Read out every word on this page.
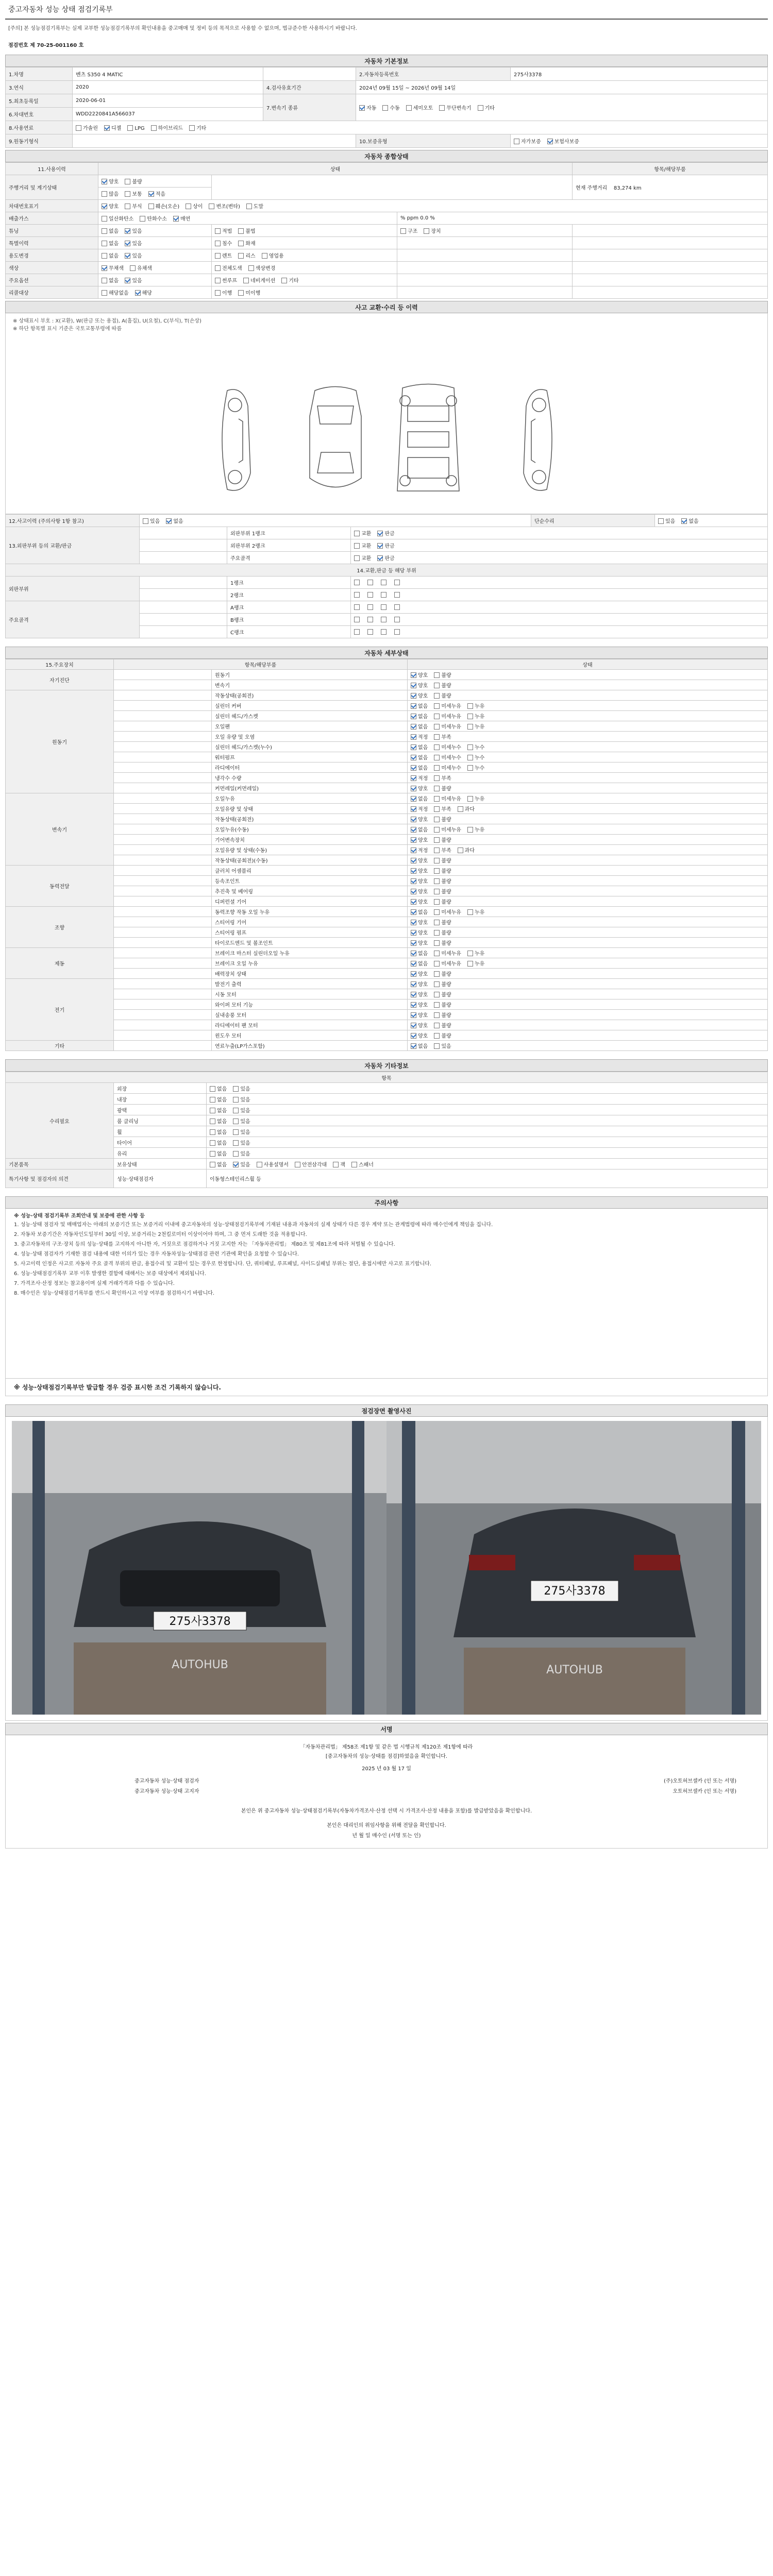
중고자동차 성능 상태 점검기록부
[주의] 본 성능점검기록부는 실제 교부한 성능점검기록부의 확인내용을 중고매매 및 정비 등의 목적으로 사용할 수 없으며, 법규준수한 사용하시기 바랍니다.
점검번호 제 70-25-001160 호
자동차 기본정보
1.차명	벤츠 S350 4 MATIC		2.자동차등록번호	275사3378
3.연식	2020	4.검사유효기간	2024년 09월 15일 ~ 2026년 09월 14일	
5.최초등록일	2020-06-01	7.변속기 종류	자동 수동 세미오토 무단변속기 기타	
6.차대번호	WDD2220841A566037			
8.사용연료	가솔린 디젤 LPG 하이브리드 기타			
9.원동기형식			10.보증유형	자가보증 보험사보증
자동차 종합상태
11.사용이력	상태			항목/해당부품
주행거리 및 계기상태	양호 불량			현재 주행거리 83,274 km
	많음 보통 적음			
차대번호표기	양호 부식 훼손(오손) 상이 변조(변타) 도말			
배출가스	일산화탄소 탄화수소 매연		% ppm 0.0 %	
튜닝	없음 있음	적법 불법	구조 장치	
특별이력	없음 있음	침수 화재		
용도변경	없음 있음	렌트 리스 영업용		
색상	무채색 유채색	전체도색 색상변경		
주요옵션	없음 있음	썬루프 네비게이션 기타		
리콜대상	해당없음 해당	이행 미이행		
사고 교환·수리 등 이력
※ 상태표시 부호 : X(교환), W(판금 또는 용접), A(흠집), U(요철), C(부식), T(손상)
※ 하단 항목별 표시 기준은 국토교통부령에 따름
12.사고이력 (주의사항 1항 참고)	있음 없음			단순수리	있음 없음
13.외판부위 등의 교환/판금		외판부위 1랭크	교환 판금		
		외판부위 2랭크	교환 판금		
		주요골격	교환 판금		
14.교환,판금 등 해당 부위					
외판부위		1랭크			
		2랭크			
주요골격		A랭크			
		B랭크			
		C랭크			
자동차 세부상태
15.주요장치	항목/해당부품		상태
자기진단		원동기	양호 불량
		변속기	양호 불량
원동기		작동상태(공회전)	양호 불량
		실린더 커버	없음 미세누유 누유
		실린더 헤드/가스켓	없음 미세누유 누유
		오일팬	없음 미세누유 누유
		오일 유량 및 오염	적정 부족
		실린더 헤드/가스켓(누수)	없음 미세누수 누수
		워터펌프	없음 미세누수 누수
		라디에이터	없음 미세누수 누수
		냉각수 수량	적정 부족
		커먼레일(커먼레일)	양호 불량
변속기		오일누유	없음 미세누유 누유
		오일유량 및 상태	적정 부족 과다
		작동상태(공회전)	양호 불량
		오일누유(수동)	없음 미세누유 누유
		기어변속장치	양호 불량
		오일유량 및 상태(수동)	적정 부족 과다
		작동상태(공회전)(수동)	양호 불량
동력전달		클러치 어셈블리	양호 불량
		등속조인트	양호 불량
		추진축 및 베어링	양호 불량
		디퍼런셜 기어	양호 불량
조향		동력조향 작동 오일 누유	없음 미세누유 누유
		스티어링 기어	양호 불량
		스티어링 펌프	양호 불량
		타이로드엔드 및 볼조인트	양호 불량
제동		브레이크 마스터 실린더오일 누유	없음 미세누유 누유
		브레이크 오일 누유	없음 미세누유 누유
		배력장치 상태	양호 불량
전기		발전기 출력	양호 불량
		시동 모터	양호 불량
		와이퍼 모터 기능	양호 불량
		실내송풍 모터	양호 불량
		라디에이터 팬 모터	양호 불량
		윈도우 모터	양호 불량
기타		연료누출(LP가스포함)	없음 있음
자동차 기타정보
항목		
수리필요	외장	없음 있음
	내장	없음 있음
	광택	없음 있음
	룸 클리닝	없음 있음
	휠	없음 있음
	타이어	없음 있음
	유리	없음 있음
기본품목	보유상태	없음 있음 사용설명서 안전삼각대 잭 스패너
특기사항 및 점검자의 의견	성능·상태점검자	이동형스테인리스휠 등
주의사항
※ 성능·상태 점검기록부 조회안내 및 보증에 관한 사항 등

1. 성능·상태 점검자 및 매매업자는 아래의 보증기간 또는 보증거리 이내에 중고자동차의 성능·상태점검기록부에 기재된 내용과 자동차의 실제 상태가 다른 경우 계약 또는 관계법령에 따라 매수인에게 책임을 집니다.

2. 자동차 보증기간은 자동차인도일부터 30일 이상, 보증거리는 2천킬로미터 이상이어야 하며, 그 중 먼저 도래한 것을 적용합니다.

3. 중고자동차의 구조·장치 등의 성능·상태를 고지하지 아니한 자, 거짓으로 점검하거나 거짓 고지한 자는 「자동차관리법」 제80조 및 제81조에 따라 처벌될 수 있습니다.

4. 성능·상태 점검자가 기재한 점검 내용에 대한 이의가 있는 경우 자동차성능·상태점검 관련 기관에 확인을 요청할 수 있습니다.

5. 사고이력 인정은 사고로 자동차 주요 골격 부위의 판금, 용접수리 및 교환이 있는 경우로 한정합니다. 단, 쿼터패널, 루프패널, 사이드실패널 부위는 절단, 용접시에만 사고로 표기합니다.

6. 성능·상태점검기록부 교부 이후 발생한 결함에 대해서는 보증 대상에서 제외됩니다.

7. 가격조사·산정 정보는 참고용이며 실제 거래가격과 다를 수 있습니다.

8. 매수인은 성능·상태점검기록부를 반드시 확인하시고 이상 여부를 점검하시기 바랍니다.

※ 성능·상태점검기록부만 발급할 경우 검증 표시한 조건 기록하지 않습니다.
점검장면 촬영사진
275사3378
AUTOHUB
275사3378
AUTOHUB
서명
「자동차관리법」 제58조 제1항 및 같은 법 시행규칙 제120조 제1항에 따라
[중고자동차의 성능·상태를 점검]하였음을 확인합니다.
2025 년 03 월 17 일
중고자동차 성능·상태 점검자	(주)오토허브셀카 (인 또는 서명)
중고자동차 성능·상태 고지자	오토허브셀카 (인 또는 서명)
본인은 위 중고자동차 성능·상태점검기록부(자동차가격조사·산정 선택 시 가격조사·산정 내용을 포함)를 발급받았음을 확인합니다.
본인은 대리인의 위임사항을 위해 전달을 확인합니다.
년 월 일 매수인 (서명 또는 인)
